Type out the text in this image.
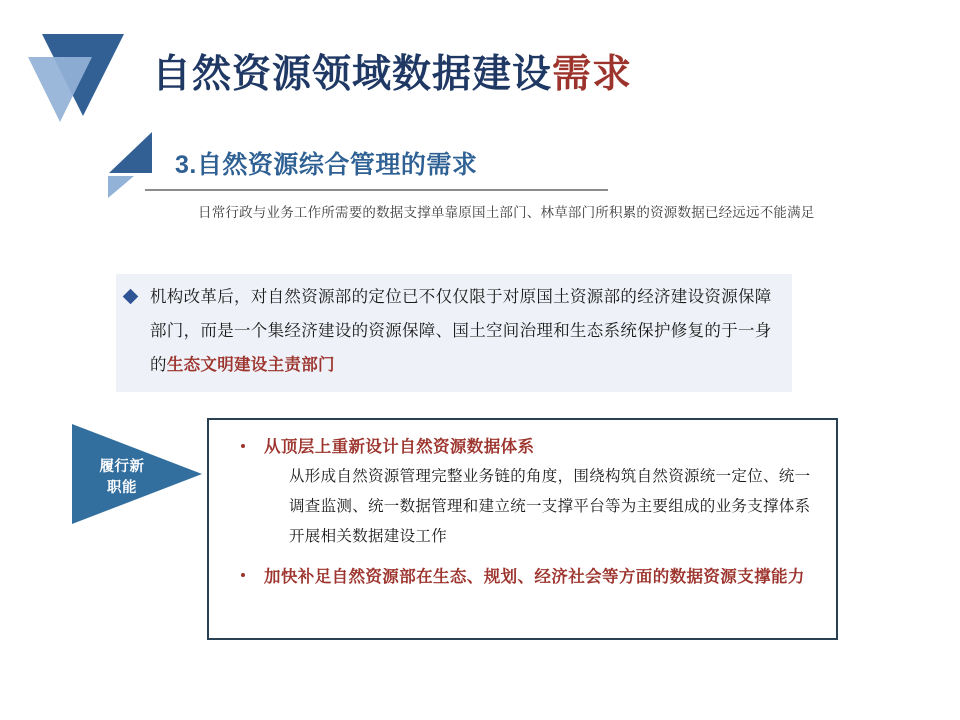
自然资源领域数据建设需求
3.自然资源综合管理的需求
日常行政与业务工作所需要的数据支撑单靠原国土部门、林草部门所积累的资源数据已经远远不能满足
机构改革后，对自然资源部的定位已不仅仅限于对原国土资源部的经济建设资源保障部门，而是一个集经济建设的资源保障、国土空间治理和生态系统保护修复的于一身的生态文明建设主责部门
履行新
职能
从顶层上重新设计自然资源数据体系
从形成自然资源管理完整业务链的角度，围绕构筑自然资源统一定位、统一调查监测、统一数据管理和建立统一支撑平台等为主要组成的业务支撑体系开展相关数据建设工作
加快补足自然资源部在生态、规划、经济社会等方面的数据资源支撑能力
